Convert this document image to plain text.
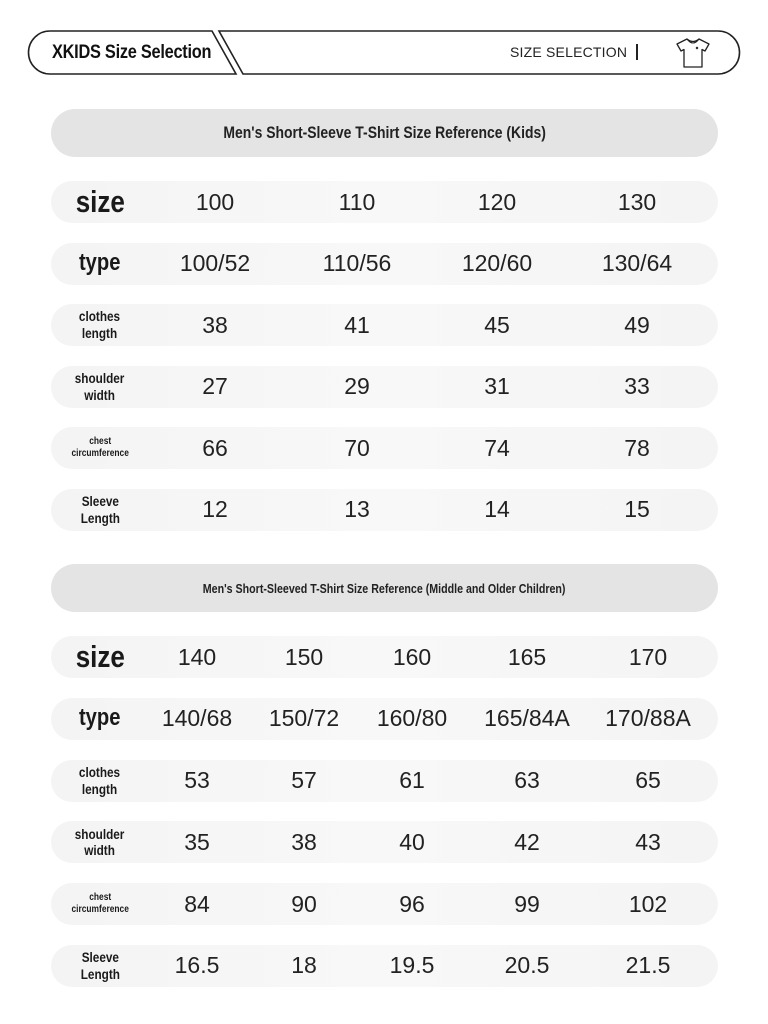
XKIDS Size Selection	SIZE SELECTION
Men's Short-Sleeve T-Shirt Size Reference (Kids)
size	100	110	120	130
type	100/52	110/56	120/60	130/64
clothes
length	38	41	45	49
shoulder
width	27	29	31	33
chest
circumference	66	70	74	78
Sleeve
Length	12	13	14	15
Men's Short-Sleeved T-Shirt Size Reference (Middle and Older Children)
size	140	150	160	165	170
type	140/68	150/72	160/80	165/84A	170/88A
clothes
length	53	57	61	63	65
shoulder
width	35	38	40	42	43
chest
circumference	84	90	96	99	102
Sleeve
Length	16.5	18	19.5	20.5	21.5
